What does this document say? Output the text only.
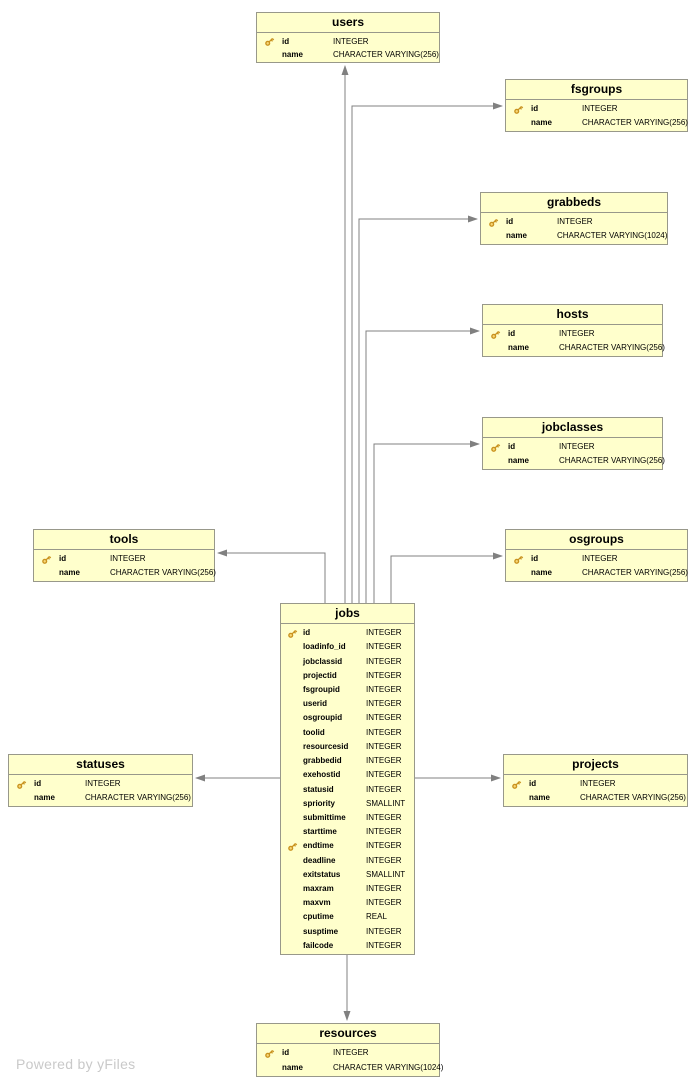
users
id	INTEGER
name	CHARACTER VARYING(256)
fsgroups
id	INTEGER
name	CHARACTER VARYING(256)
grabbeds
id	INTEGER
name	CHARACTER VARYING(1024)
hosts
id	INTEGER
name	CHARACTER VARYING(256)
jobclasses
id	INTEGER
name	CHARACTER VARYING(256)
tools
id	INTEGER
name	CHARACTER VARYING(256)
osgroups
id	INTEGER
name	CHARACTER VARYING(256)
statuses
id	INTEGER
name	CHARACTER VARYING(256)
projects
id	INTEGER
name	CHARACTER VARYING(256)
jobs
id	INTEGER
loadinfo_id	INTEGER
jobclassid	INTEGER
projectid	INTEGER
fsgroupid	INTEGER
userid	INTEGER
osgroupid	INTEGER
toolid	INTEGER
resourcesid	INTEGER
grabbedid	INTEGER
exehostid	INTEGER
statusid	INTEGER
spriority	SMALLINT
submittime	INTEGER
starttime	INTEGER
endtime	INTEGER
deadline	INTEGER
exitstatus	SMALLINT
maxram	INTEGER
maxvm	INTEGER
cputime	REAL
susptime	INTEGER
failcode	INTEGER
resources
id	INTEGER
name	CHARACTER VARYING(1024)
Powered by yFiles
